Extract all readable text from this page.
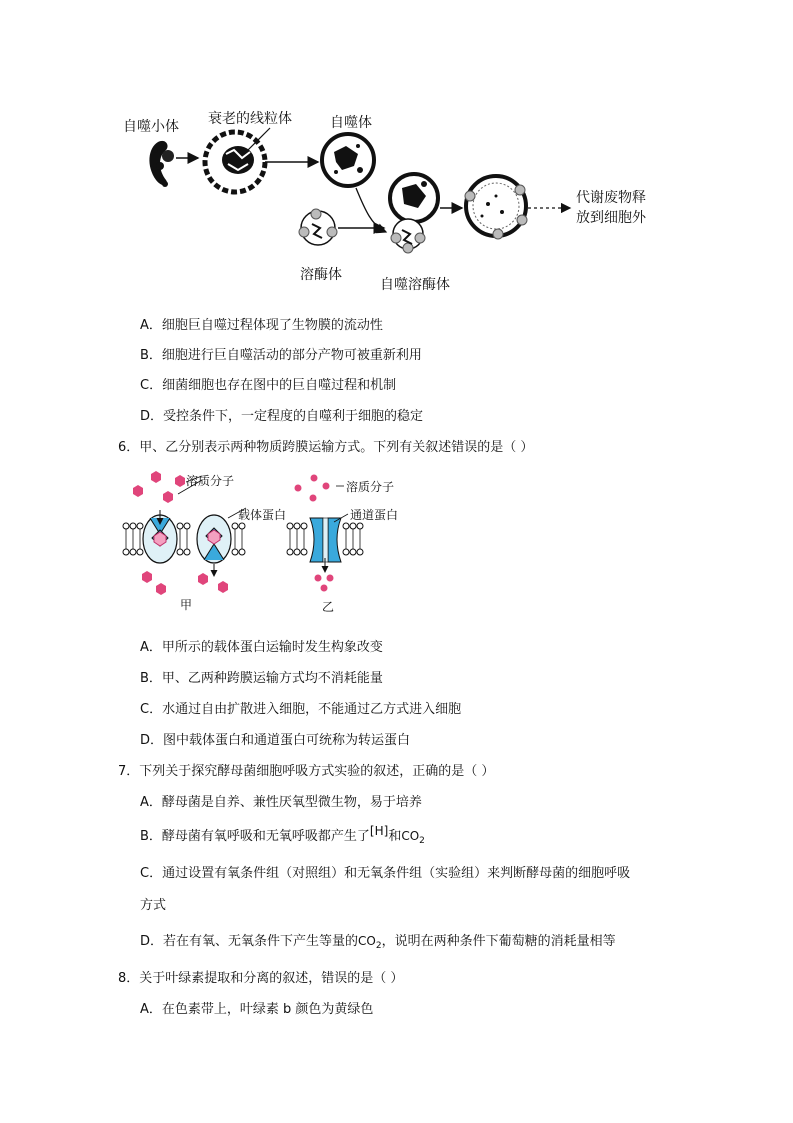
自噬小体 衰老的线粒体	自噬体
溶酶体
自噬溶酶体
代谢废物释
放到细胞外
A．细胞巨自噬过程体现了生物膜的流动性
B．细胞进行巨自噬活动的部分产物可被重新利用
C．细菌细胞也存在图中的巨自噬过程和机制
D．受控条件下，一定程度的自噬利于细胞的稳定
6．甲、乙分别表示两种物质跨膜运输方式。下列有关叙述错误的是（ ）
溶质分子
载体蛋白
甲
溶质分子
通道蛋白
乙
A．甲所示的载体蛋白运输时发生构象改变
B．甲、乙两种跨膜运输方式均不消耗能量
C．水通过自由扩散进入细胞，不能通过乙方式进入细胞
D．图中载体蛋白和通道蛋白可统称为转运蛋白
7．下列关于探究酵母菌细胞呼吸方式实验的叙述，正确的是（ ）
A．酵母菌是自养、兼性厌氧型微生物，易于培养
B．酵母菌有氧呼吸和无氧呼吸都产生了[H]和$CO_2$
C．通过设置有氧条件组（对照组）和无氧条件组（实验组）来判断酵母菌的细胞呼吸
方式
D．若在有氧、无氧条件下产生等量的$CO_2$，说明在两种条件下葡萄糖的消耗量相等
8．关于叶绿素提取和分离的叙述，错误的是（ ）
A．在色素带上，叶绿素 b 颜色为黄绿色
